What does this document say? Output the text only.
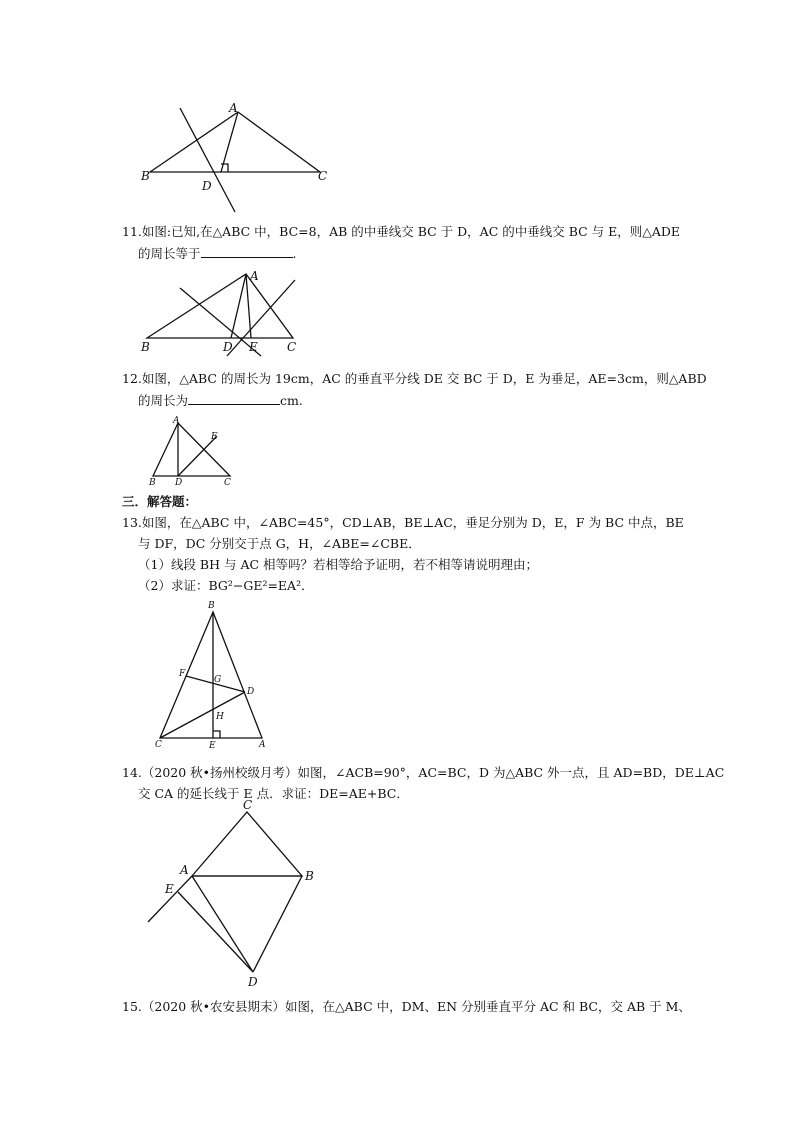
A
B	C
D
11.如图:已知,在△ABC 中，BC=8，AB 的中垂线交 BC 于 D，AC 的中垂线交 BC 与 E，则△ADE
的周长等于	.
A
B	D E C
12.如图，△ABC 的周长为 19cm，AC 的垂直平分线 DE 交 BC 于 D，E 为垂足，AE=3cm，则△ABD
的周长为	cm.
A
E
B D	C
三．解答题：
13.如图，在△ABC 中，∠ABC=45°，CD⊥AB，BE⊥AC，垂足分别为 D，E，F 为 BC 中点，BE
与 DF，DC 分别交于点 G，H，∠ABE=∠CBE．
（1）线段 BH 与 AC 相等吗？若相等给予证明，若不相等请说明理由；
（2）求证：BG²−GE²=EA²．
B
F
G
D
H
C	E	A
14.（2020 秋•扬州校级月考）如图，∠ACB=90°，AC=BC，D 为△ABC 外一点，且 AD=BD，DE⊥AC
交 CA 的延长线于 E 点．求证：DE=AE+BC．
C
A	B
E
D
15.（2020 秋•农安县期末）如图，在△ABC 中，DM、EN 分别垂直平分 AC 和 BC，交 AB 于 M、
